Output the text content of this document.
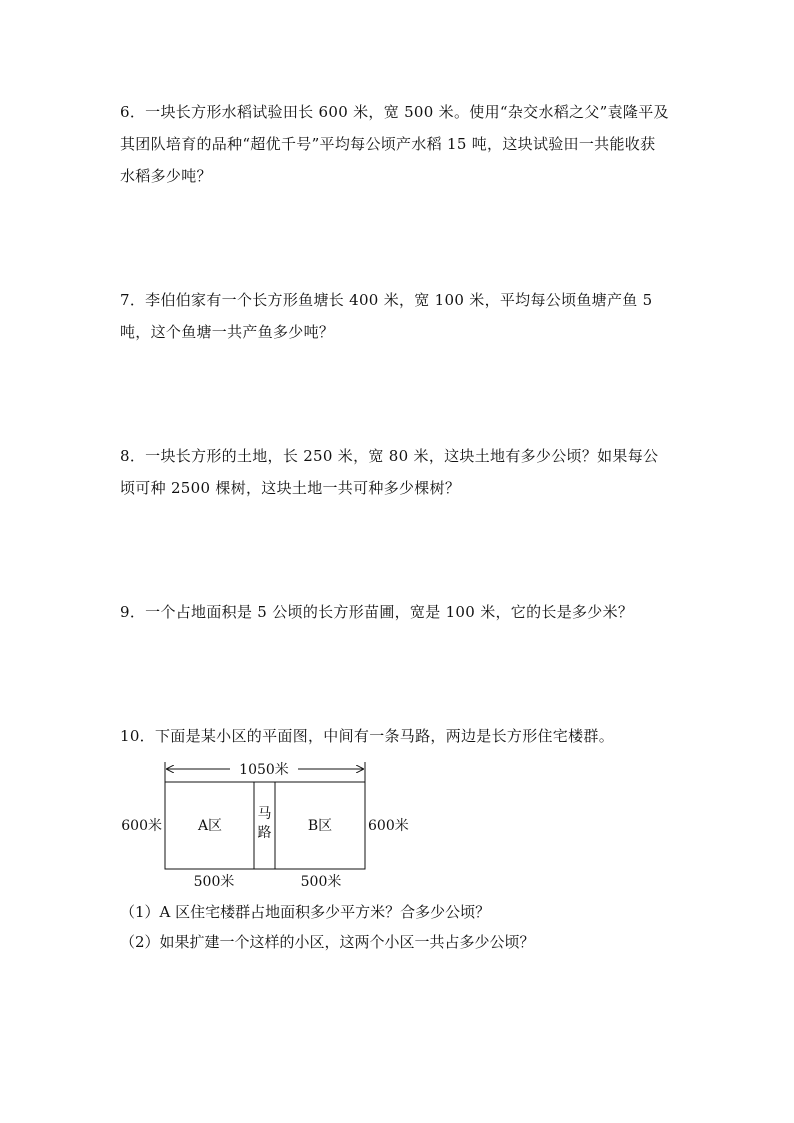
6．一块长方形水稻试验田长 600 米，宽 500 米。使用“杂交水稻之父”袁隆平及

其团队培育的品种“超优千号”平均每公顷产水稻 15 吨，这块试验田一共能收获

水稻多少吨？

7．李伯伯家有一个长方形鱼塘长 400 米，宽 100 米，平均每公顷鱼塘产鱼 5

吨，这个鱼塘一共产鱼多少吨？

8．一块长方形的土地，长 250 米，宽 80 米，这块土地有多少公顷？如果每公

顷可种 2500 棵树，这块土地一共可种多少棵树？

9．一个占地面积是 5 公顷的长方形苗圃，宽是 100 米，它的长是多少米？

10．下面是某小区的平面图，中间有一条马路，两边是长方形住宅楼群。

1050米
马
路
A区	B区
600米	600米
500米	500米
（1）A 区住宅楼群占地面积多少平方米？合多少公顷？
（2）如果扩建一个这样的小区，这两个小区一共占多少公顷？
